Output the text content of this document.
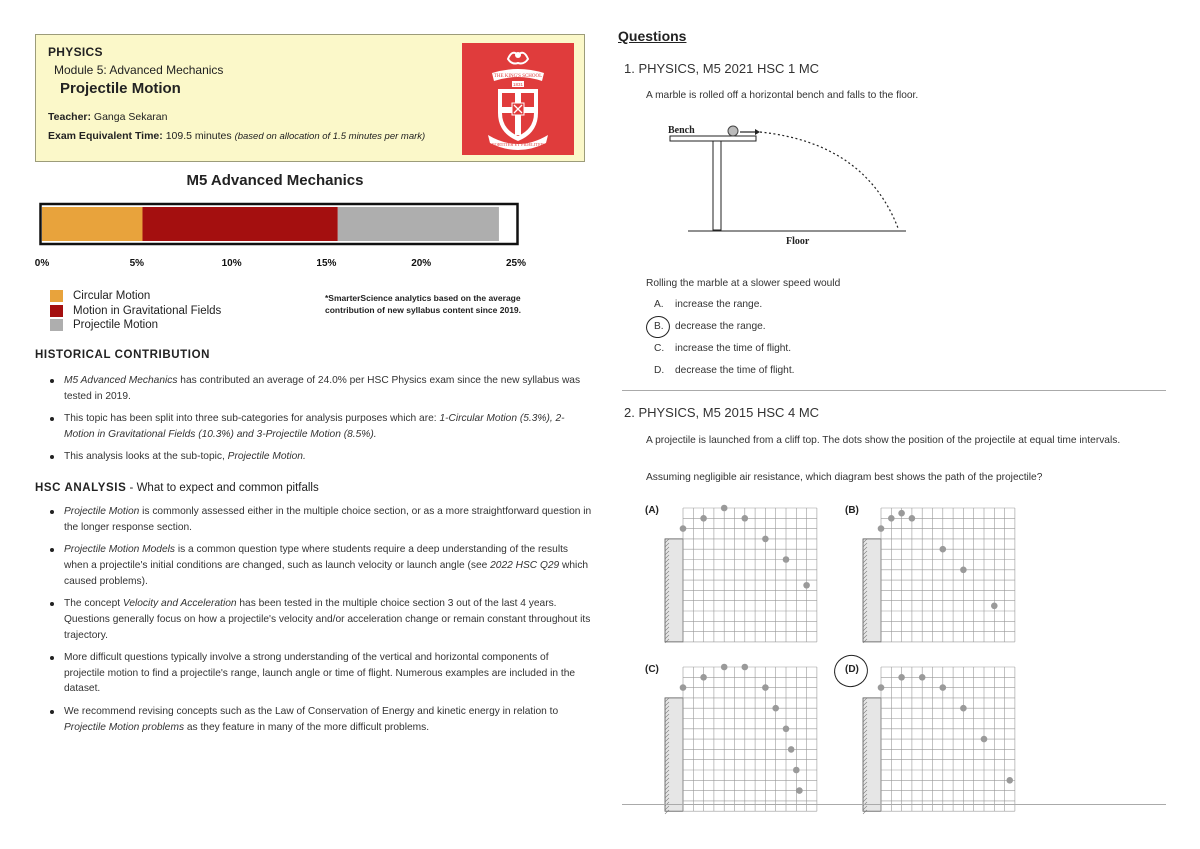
PHYSICS
Module 5: Advanced Mechanics
Projectile Motion
Teacher: Ganga Sekaran
Exam Equivalent Time: 109.5 minutes (based on allocation of 1.5 minutes per mark)
THE KING'S SCHOOL
1831
FORTITER ET FIDELITER
M5 Advanced Mechanics
0%	5%	10%	15%	20%	25%
Circular Motion
Motion in Gravitational Fields
Projectile Motion
*SmarterScience analytics based on the average contribution of new syllabus content since 2019.
HISTORICAL CONTRIBUTION
M5 Advanced Mechanics has contributed an average of 24.0% per HSC Physics exam since the new syllabus was tested in 2019.
This topic has been split into three sub-categories for analysis purposes which are: 1-Circular Motion (5.3%), 2-Motion in Gravitational Fields (10.3%) and 3-Projectile Motion (8.5%).
This analysis looks at the sub-topic, Projectile Motion.
HSC ANALYSIS - What to expect and common pitfalls
Projectile Motion is commonly assessed either in the multiple choice section, or as a more straightforward question in the longer response section.
Projectile Motion Models is a common question type where students require a deep understanding of the results when a projectile's initial conditions are changed, such as launch velocity or launch angle (see 2022 HSC Q29 which caused problems).
The concept Velocity and Acceleration has been tested in the multiple choice section 3 out of the last 4 years. Questions generally focus on how a projectile's velocity and/or acceleration change or remain constant throughout its trajectory.
More difficult questions typically involve a strong understanding of the vertical and horizontal components of projectile motion to find a projectile's range, launch angle or time of flight. Numerous examples are included in the dataset.
We recommend revising concepts such as the Law of Conservation of Energy and kinetic energy in relation to Projectile Motion problems as they feature in many of the more difficult problems.
Questions
1. PHYSICS, M5 2021 HSC 1 MC
A marble is rolled off a horizontal bench and falls to the floor.
Bench
Floor
Rolling the marble at a slower speed would
A. increase the range.
B. decrease the range.
C. increase the time of flight.
D. decrease the time of flight.
2. PHYSICS, M5 2015 HSC 4 MC
A projectile is launched from a cliff top. The dots show the position of the projectile at equal time intervals.
Assuming negligible air resistance, which diagram best shows the path of the projectile?
(A)	(B)
(C)	(D)
